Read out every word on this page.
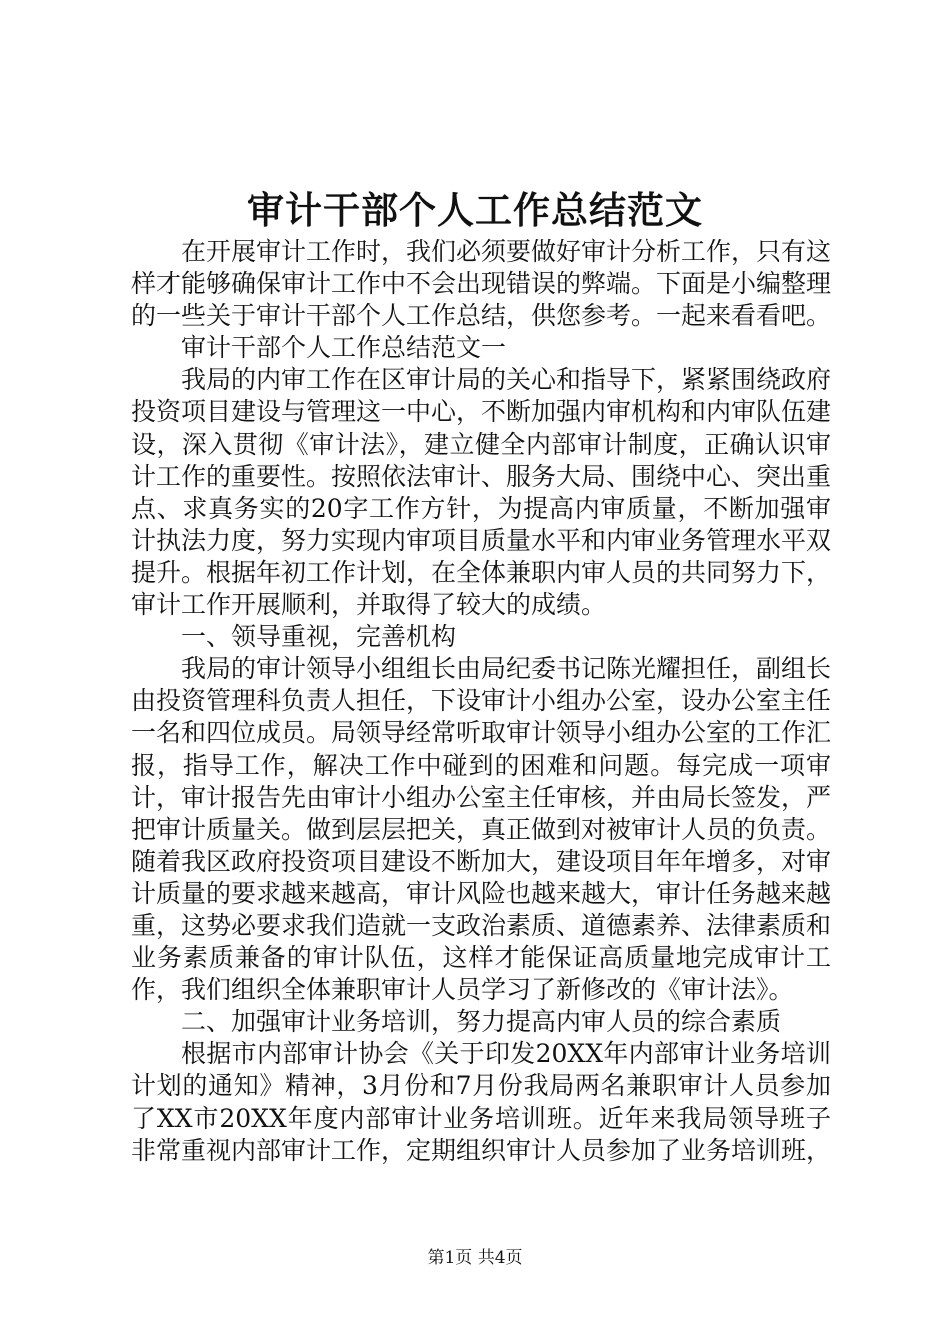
审计干部个人工作总结范文

在开展审计工作时，我们必须要做好审计分析工作，只有这样才能够确保审计工作中不会出现错误的弊端。下面是小编整理的一些关于审计干部个人工作总结，供您参考。一起来看看吧。

审计干部个人工作总结范文一

我局的内审工作在区审计局的关心和指导下，紧紧围绕政府投资项目建设与管理这一中心，不断加强内审机构和内审队伍建设，深入贯彻《审计法》，建立健全内部审计制度，正确认识审计工作的重要性。按照依法审计、服务大局、围绕中心、突出重点、求真务实的20字工作方针，为提高内审质量，不断加强审计执法力度，努力实现内审项目质量水平和内审业务管理水平双提升。根据年初工作计划，在全体兼职内审人员的共同努力下，审计工作开展顺利，并取得了较大的成绩。

一、领导重视，完善机构

我局的审计领导小组组长由局纪委书记陈光耀担任，副组长由投资管理科负责人担任，下设审计小组办公室，设办公室主任一名和四位成员。局领导经常听取审计领导小组办公室的工作汇报，指导工作，解决工作中碰到的困难和问题。每完成一项审计，审计报告先由审计小组办公室主任审核，并由局长签发，严把审计质量关。做到层层把关，真正做到对被审计人员的负责。随着我区政府投资项目建设不断加大，建设项目年年增多，对审计质量的要求越来越高，审计风险也越来越大，审计任务越来越重，这势必要求我们造就一支政治素质、道德素养、法律素质和业务素质兼备的审计队伍，这样才能保证高质量地完成审计工作，我们组织全体兼职审计人员学习了新修改的《审计法》。

二、加强审计业务培训，努力提高内审人员的综合素质

根据市内部审计协会《关于印发20XX年内部审计业务培训计划的通知》精神，3月份和7月份我局两名兼职审计人员参加了XX市20XX年度内部审计业务培训班。近年来我局领导班子非常重视内部审计工作，定期组织审计人员参加了业务培训班，

第1页 共4页
